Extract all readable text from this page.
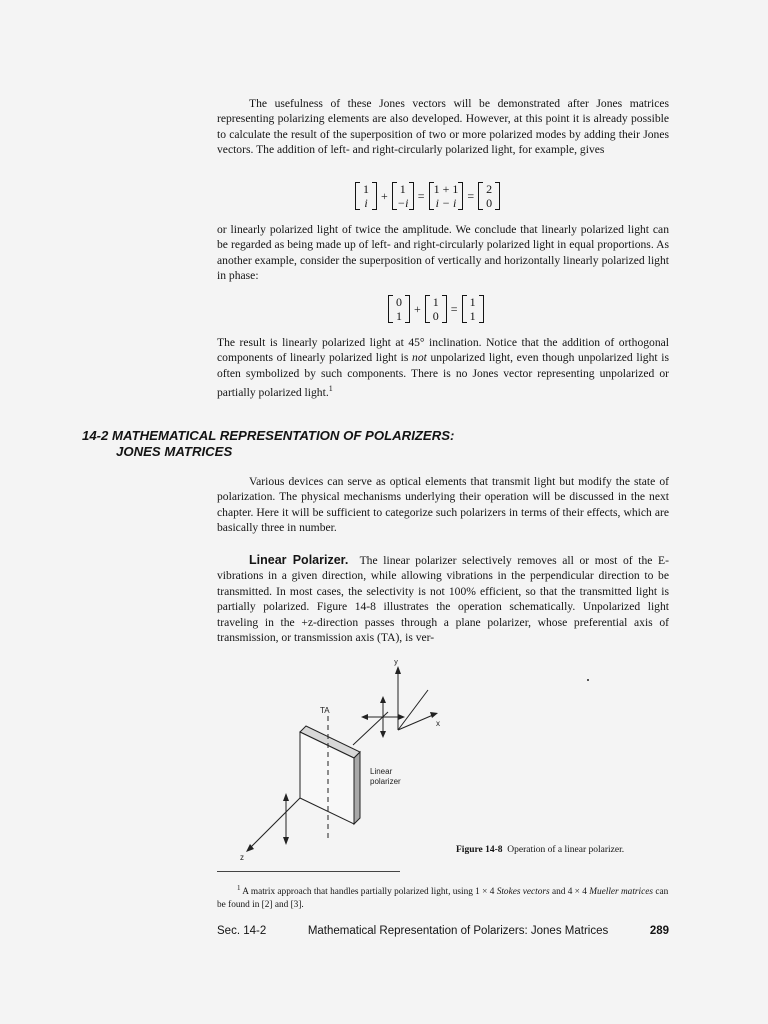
The usefulness of these Jones vectors will be demonstrated after Jones matrices representing polarizing elements are also developed. However, at this point it is already possible to calculate the result of the superposition of two or more polarized modes by adding their Jones vectors. The addition of left- and right-circularly polarized light, for example, gives

1
i
+ 1
−i
= 1 + 1
i − i
= 2
0

or linearly polarized light of twice the amplitude. We conclude that linearly polarized light can be regarded as being made up of left- and right-circularly polarized light in equal proportions. As another example, consider the superposition of vertically and horizontally linearly polarized light in phase:

0
1
+ 1
0
= 1
1

The result is linearly polarized light at 45° inclination. Notice that the addition of orthogonal components of linearly polarized light is not unpolarized light, even though unpolarized light is often symbolized by such components. There is no Jones vector representing unpolarized or partially polarized light.$^1$

14-2 MATHEMATICAL REPRESENTATION OF POLARIZERS:
JONES MATRICES

Various devices can serve as optical elements that transmit light but modify the state of polarization. The physical mechanisms underlying their operation will be discussed in the next chapter. Here it will be sufficient to categorize such polarizers in terms of their effects, which are basically three in number.

Linear Polarizer. The linear polarizer selectively removes all or most of the E-vibrations in a given direction, while allowing vibrations in the perpendicular direction to be transmitted. In most cases, the selectivity is not 100% efficient, so that the transmitted light is partially polarized. Figure 14-8 illustrates the operation schematically. Unpolarized light traveling in the +z-direction passes through a plane polarizer, whose preferential axis of transmission, or transmission axis (TA), is ver-

y
x
z
TA
Linear
polarizer
Figure 14-8 Operation of a linear polarizer.

$^1$ A matrix approach that handles partially polarized light, using 1 × 4 Stokes vectors and 4 × 4 Mueller matrices can be found in [2] and [3].

Sec. 14-2	Mathematical Representation of Polarizers: Jones Matrices	289
